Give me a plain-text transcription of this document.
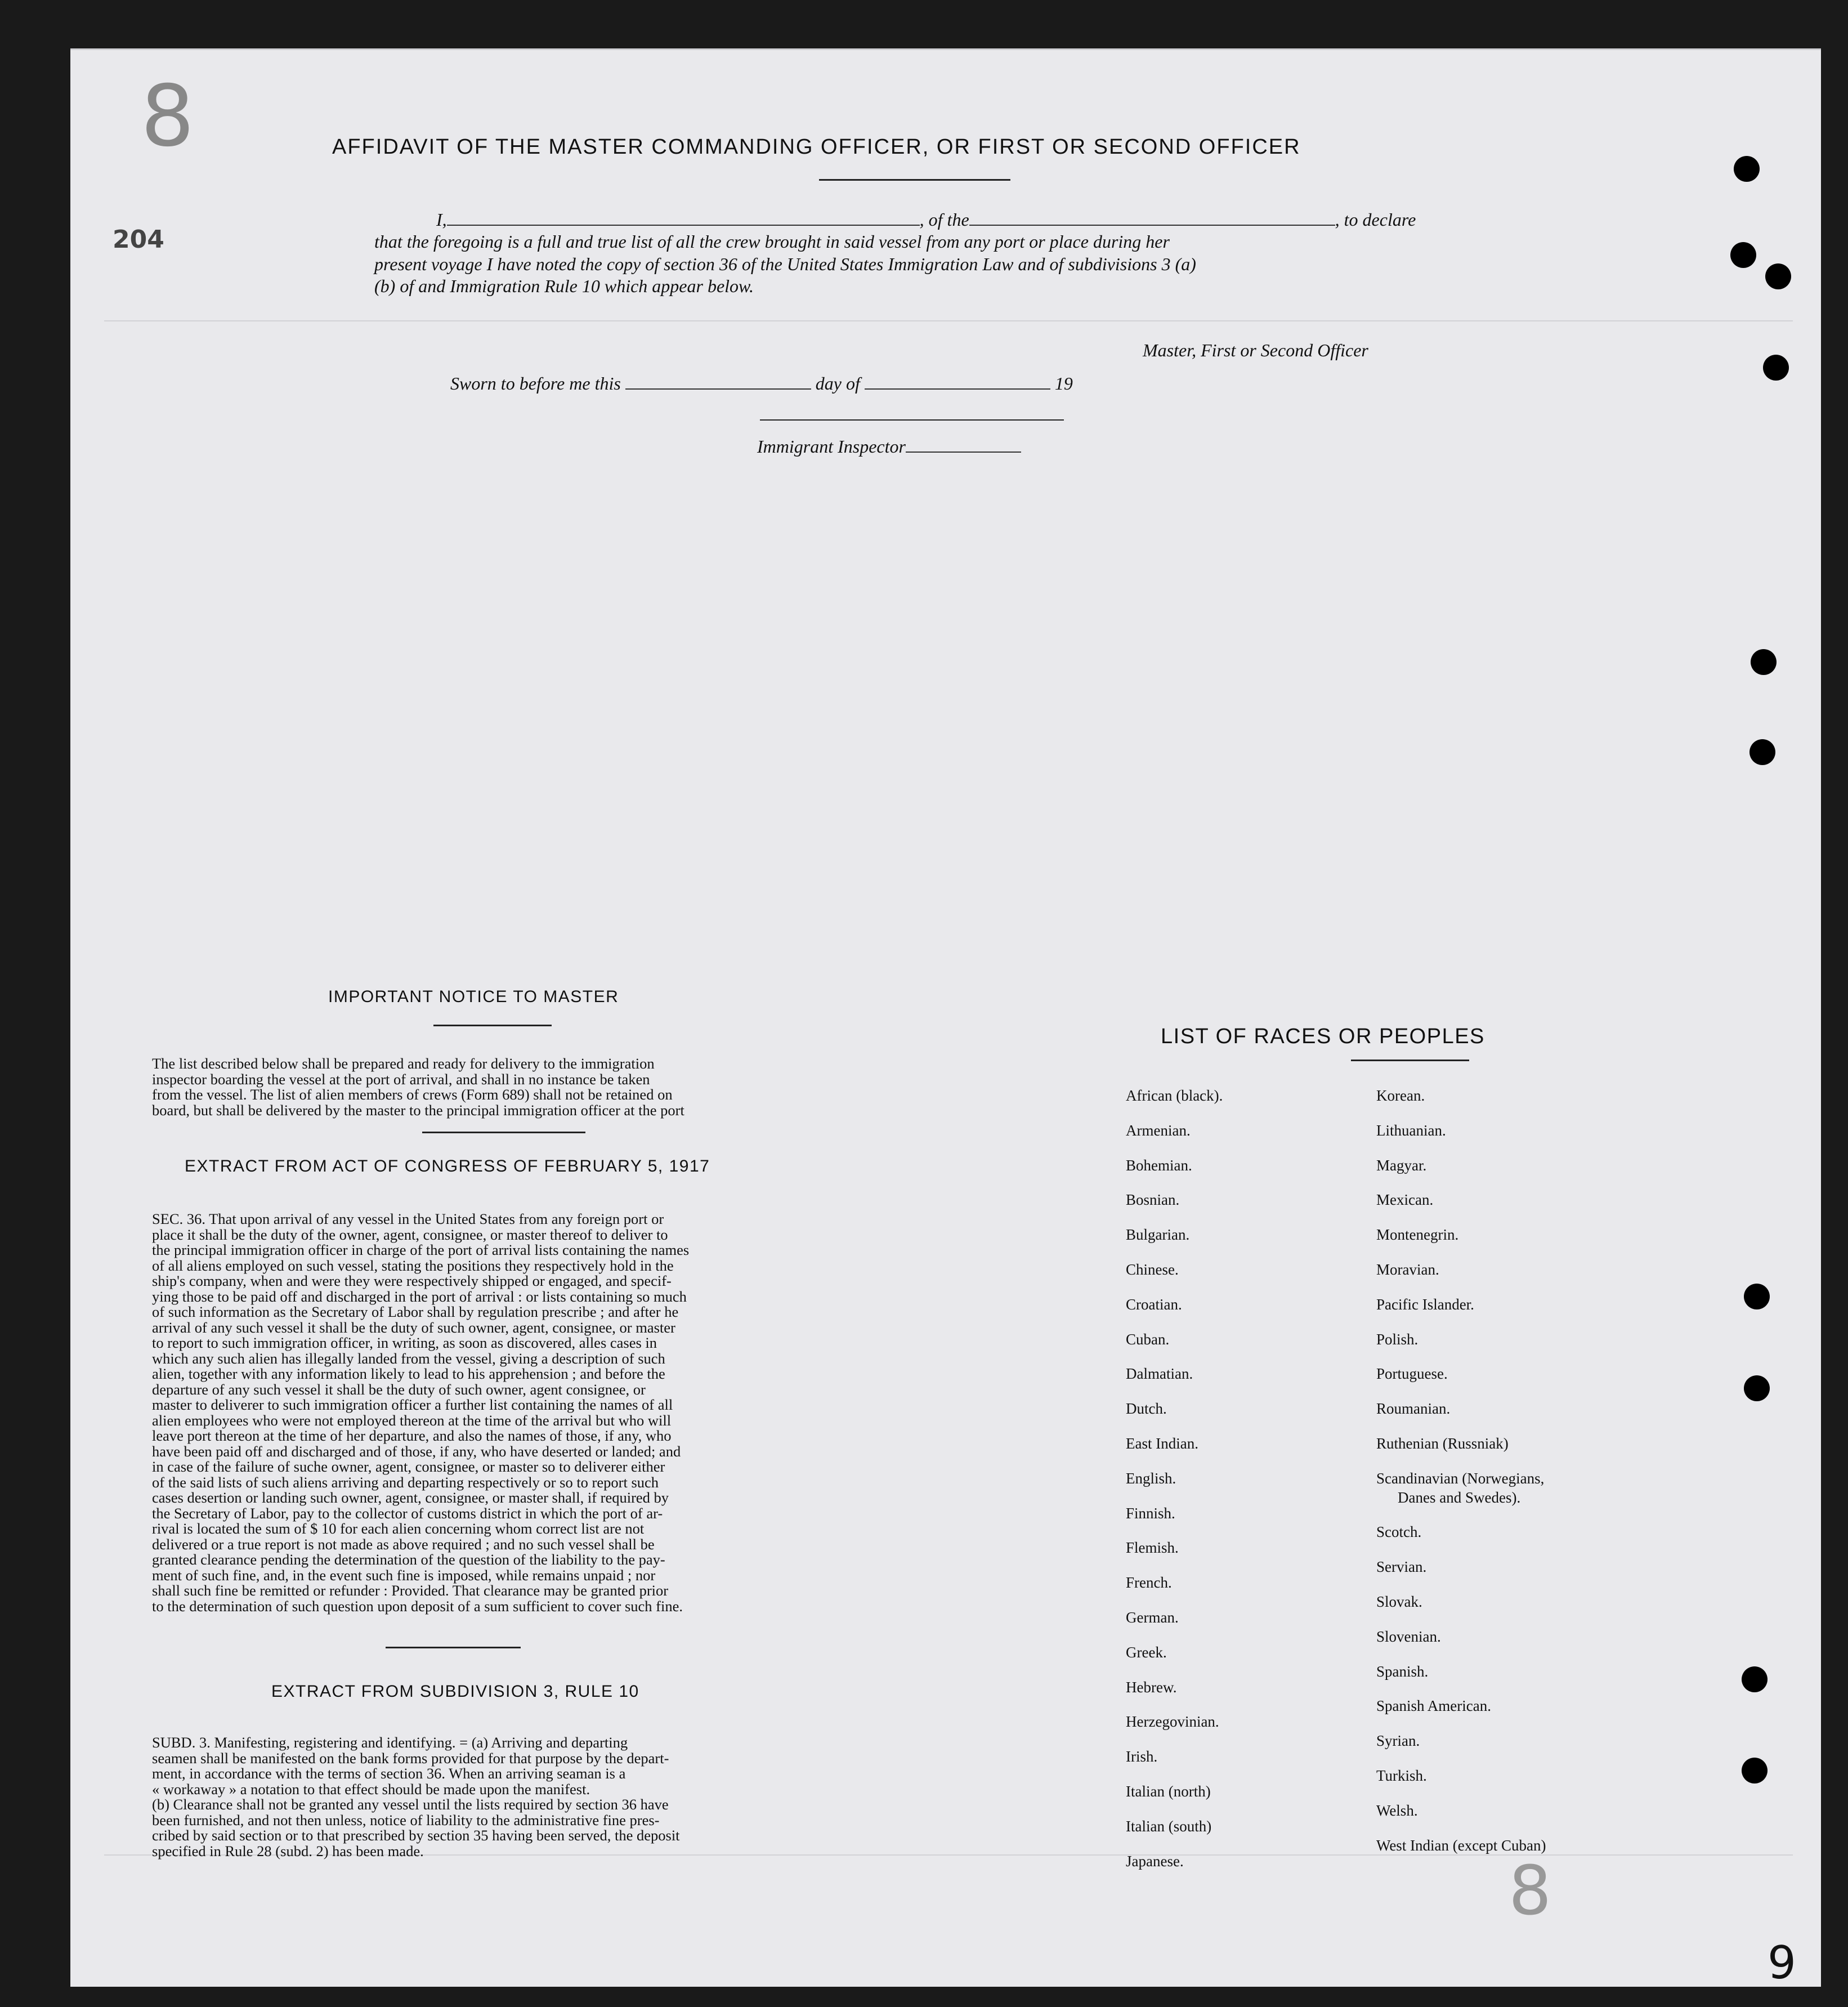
8
204
8
9
AFFIDAVIT OF THE MASTER COMMANDING OFFICER, OR FIRST OR SECOND OFFICER
I,	, of the	, to declare
that the foregoing is a full and true list of all the crew brought in said vessel from any port or place during her
present voyage I have noted the copy of section 36 of the United States Immigration Law and of subdivisions 3 (a)
(b) of and Immigration Rule 10 which appear below.
Master, First or Second Officer
Sworn to before me this	day of	19
Immigrant Inspector
IMPORTANT NOTICE TO MASTER
The list described below shall be prepared and ready for delivery to the immigration
inspector boarding the vessel at the port of arrival, and shall in no instance be taken
from the vessel. The list of alien members of crews (Form 689) shall not be retained on
board, but shall be delivered by the master to the principal immigration officer at the port
EXTRACT FROM ACT OF CONGRESS OF FEBRUARY 5, 1917
SEC. 36. That upon arrival of any vessel in the United States from any foreign port or
place it shall be the duty of the owner, agent, consignee, or master thereof to deliver to
the principal immigration officer in charge of the port of arrival lists containing the names
of all aliens employed on such vessel, stating the positions they respectively hold in the
ship's company, when and were they were respectively shipped or engaged, and specif-
ying those to be paid off and discharged in the port of arrival : or lists containing so much
of such information as the Secretary of Labor shall by regulation prescribe ; and after he
arrival of any such vessel it shall be the duty of such owner, agent, consignee, or master
to report to such immigration officer, in writing, as soon as discovered, alles cases in
which any such alien has illegally landed from the vessel, giving a description of such
alien, together with any information likely to lead to his apprehension ; and before the
departure of any such vessel it shall be the duty of such owner, agent consignee, or
master to deliverer to such immigration officer a further list containing the names of all
alien employees who were not employed thereon at the time of the arrival but who will
leave port thereon at the time of her departure, and also the names of those, if any, who
have been paid off and discharged and of those, if any, who have deserted or landed; and
in case of the failure of suche owner, agent, consignee, or master so to deliverer either
of the said lists of such aliens arriving and departing respectively or so to report such
cases desertion or landing such owner, agent, consignee, or master shall, if required by
the Secretary of Labor, pay to the collector of customs district in which the port of ar-
rival is located the sum of $ 10 for each alien concerning whom correct list are not
delivered or a true report is not made as above required ; and no such vessel shall be
granted clearance pending the determination of the question of the liability to the pay-
ment of such fine, and, in the event such fine is imposed, while remains unpaid ; nor
shall such fine be remitted or refunder : Provided. That clearance may be granted prior
to the determination of such question upon deposit of a sum sufficient to cover such fine.
EXTRACT FROM SUBDIVISION 3, RULE 10
SUBD. 3. Manifesting, registering and identifying. = (a) Arriving and departing
seamen shall be manifested on the bank forms provided for that purpose by the depart-
ment, in accordance with the terms of section 36. When an arriving seaman is a
« workaway » a notation to that effect should be made upon the manifest.
(b) Clearance shall not be granted any vessel until the lists required by section 36 have
been furnished, and not then unless, notice of liability to the administrative fine pres-
cribed by said section or to that prescribed by section 35 having been served, the deposit
specified in Rule 28 (subd. 2) has been made.
LIST OF RACES OR PEOPLES
African (black).
Armenian.
Bohemian.
Bosnian.
Bulgarian.
Chinese.
Croatian.
Cuban.
Dalmatian.
Dutch.
East Indian.
English.
Finnish.
Flemish.
French.
German.
Greek.
Hebrew.
Herzegovinian.
Irish.
Italian (north)
Italian (south)
Japanese.
Korean.
Lithuanian.
Magyar.
Mexican.
Montenegrin.
Moravian.
Pacific Islander.
Polish.
Portuguese.
Roumanian.
Ruthenian (Russniak)
Scandinavian (Norwegians,
Danes and Swedes).
Scotch.
Servian.
Slovak.
Slovenian.
Spanish.
Spanish American.
Syrian.
Turkish.
Welsh.
West Indian (except Cuban)
